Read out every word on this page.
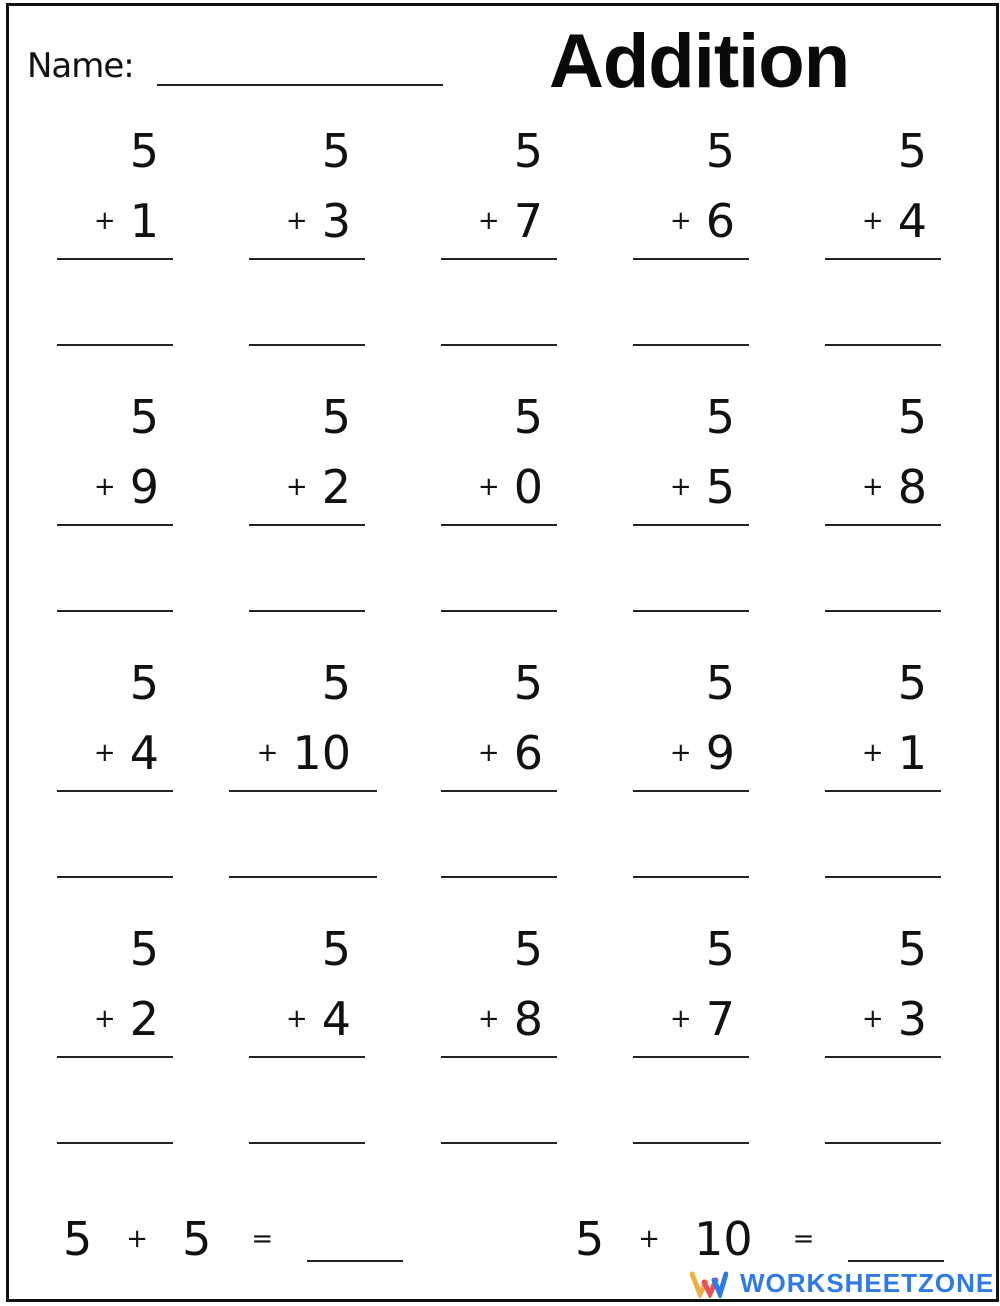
Name:	Addition
5
+ 1
5
+ 3
5
+ 7
5
+ 6
5
+ 4
5
+ 9
5
+ 2
5
+ 0
5
+ 5
5
+ 8
5
+ 4
5
+ 10
5
+ 6
5
+ 9
5
+ 1
5
+ 2
5
+ 4
5
+ 8
5
+ 7
5
+ 3
5 + 5 =	5 + 10 =
WORKSHEETZONE
